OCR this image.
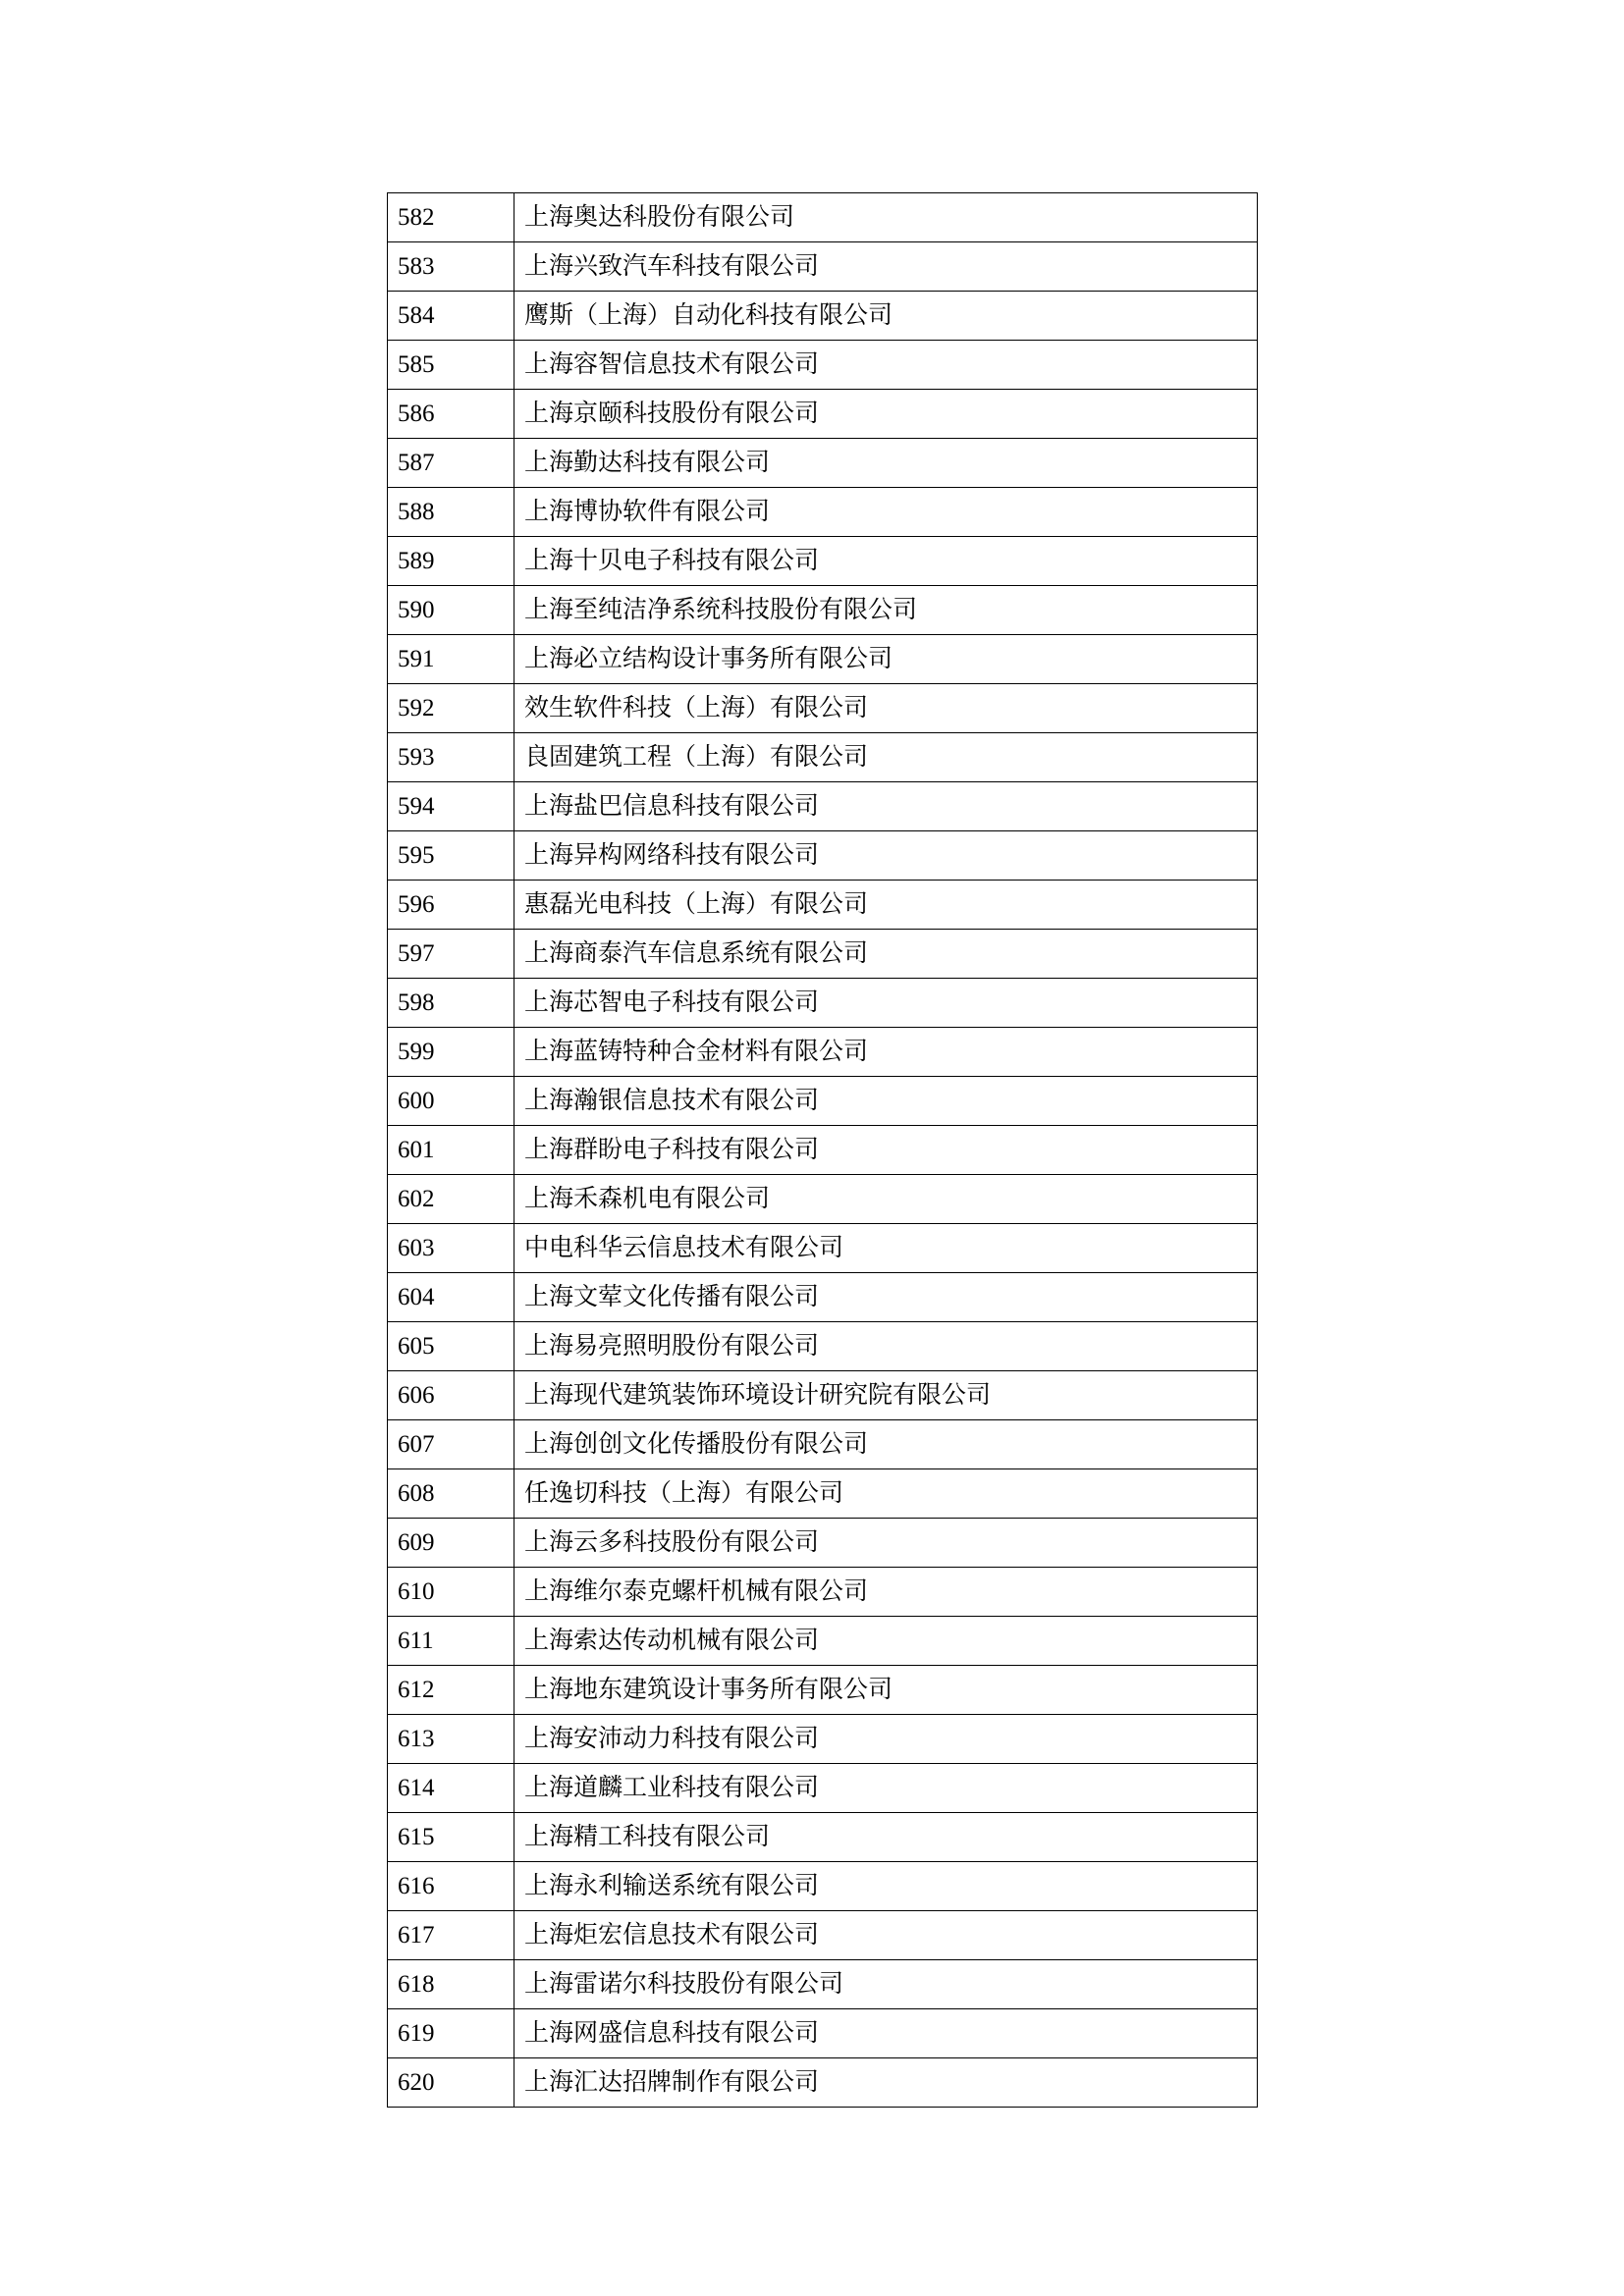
582	上海奥达科股份有限公司
583	上海兴致汽车科技有限公司
584	鹰斯（上海）自动化科技有限公司
585	上海容智信息技术有限公司
586	上海京颐科技股份有限公司
587	上海勤达科技有限公司
588	上海博协软件有限公司
589	上海十贝电子科技有限公司
590	上海至纯洁净系统科技股份有限公司
591	上海必立结构设计事务所有限公司
592	效生软件科技（上海）有限公司
593	良固建筑工程（上海）有限公司
594	上海盐巴信息科技有限公司
595	上海异构网络科技有限公司
596	惠磊光电科技（上海）有限公司
597	上海商泰汽车信息系统有限公司
598	上海芯智电子科技有限公司
599	上海蓝铸特种合金材料有限公司
600	上海瀚银信息技术有限公司
601	上海群盼电子科技有限公司
602	上海禾森机电有限公司
603	中电科华云信息技术有限公司
604	上海文荤文化传播有限公司
605	上海易亮照明股份有限公司
606	上海现代建筑装饰环境设计研究院有限公司
607	上海创创文化传播股份有限公司
608	任逸切科技（上海）有限公司
609	上海云多科技股份有限公司
610	上海维尔泰克螺杆机械有限公司
611	上海索达传动机械有限公司
612	上海地东建筑设计事务所有限公司
613	上海安沛动力科技有限公司
614	上海道麟工业科技有限公司
615	上海精工科技有限公司
616	上海永利输送系统有限公司
617	上海炬宏信息技术有限公司
618	上海雷诺尔科技股份有限公司
619	上海网盛信息科技有限公司
620	上海汇达招牌制作有限公司
